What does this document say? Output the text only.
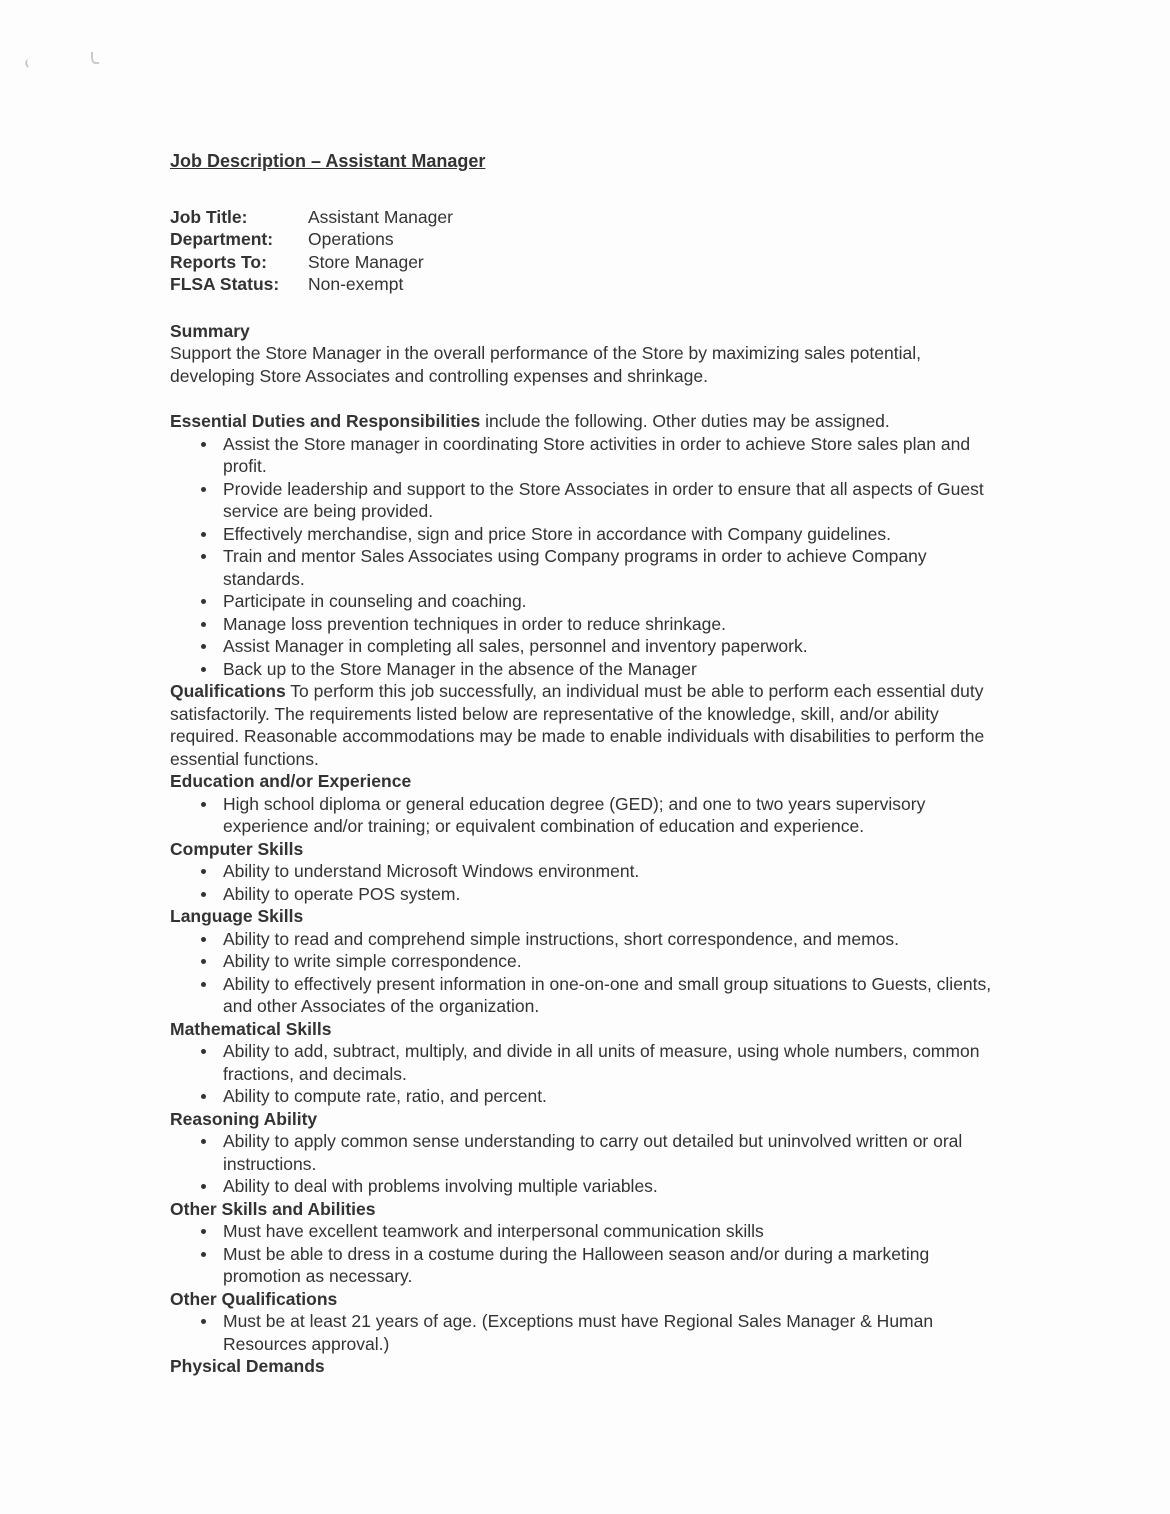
Job Description – Assistant Manager
Job Title:	Assistant Manager
Department:	Operations
Reports To:	Store Manager
FLSA Status:	Non-exempt
Summary

Support the Store Manager in the overall performance of the Store by maximizing sales potential, developing Store Associates and controlling expenses and shrinkage.

Essential Duties and Responsibilities include the following. Other duties may be assigned.

Assist the Store manager in coordinating Store activities in order to achieve Store sales plan and profit.
Provide leadership and support to the Store Associates in order to ensure that all aspects of Guest service are being provided.
Effectively merchandise, sign and price Store in accordance with Company guidelines.
Train and mentor Sales Associates using Company programs in order to achieve Company standards.
Participate in counseling and coaching.
Manage loss prevention techniques in order to reduce shrinkage.
Assist Manager in completing all sales, personnel and inventory paperwork.
Back up to the Store Manager in the absence of the Manager

Qualifications To perform this job successfully, an individual must be able to perform each essential duty satisfactorily. The requirements listed below are representative of the knowledge, skill, and/or ability required. Reasonable accommodations may be made to enable individuals with disabilities to perform the essential functions.

Education and/or Experience
High school diploma or general education degree (GED); and one to two years supervisory experience and/or training; or equivalent combination of education and experience.
Computer Skills
Ability to understand Microsoft Windows environment.
Ability to operate POS system.
Language Skills
Ability to read and comprehend simple instructions, short correspondence, and memos.
Ability to write simple correspondence.
Ability to effectively present information in one-on-one and small group situations to Guests, clients, and other Associates of the organization.
Mathematical Skills
Ability to add, subtract, multiply, and divide in all units of measure, using whole numbers, common fractions, and decimals.
Ability to compute rate, ratio, and percent.
Reasoning Ability
Ability to apply common sense understanding to carry out detailed but uninvolved written or oral instructions.
Ability to deal with problems involving multiple variables.
Other Skills and Abilities
Must have excellent teamwork and interpersonal communication skills
Must be able to dress in a costume during the Halloween season and/or during a marketing promotion as necessary.
Other Qualifications
Must be at least 21 years of age. (Exceptions must have Regional Sales Manager & Human Resources approval.)
Physical Demands
